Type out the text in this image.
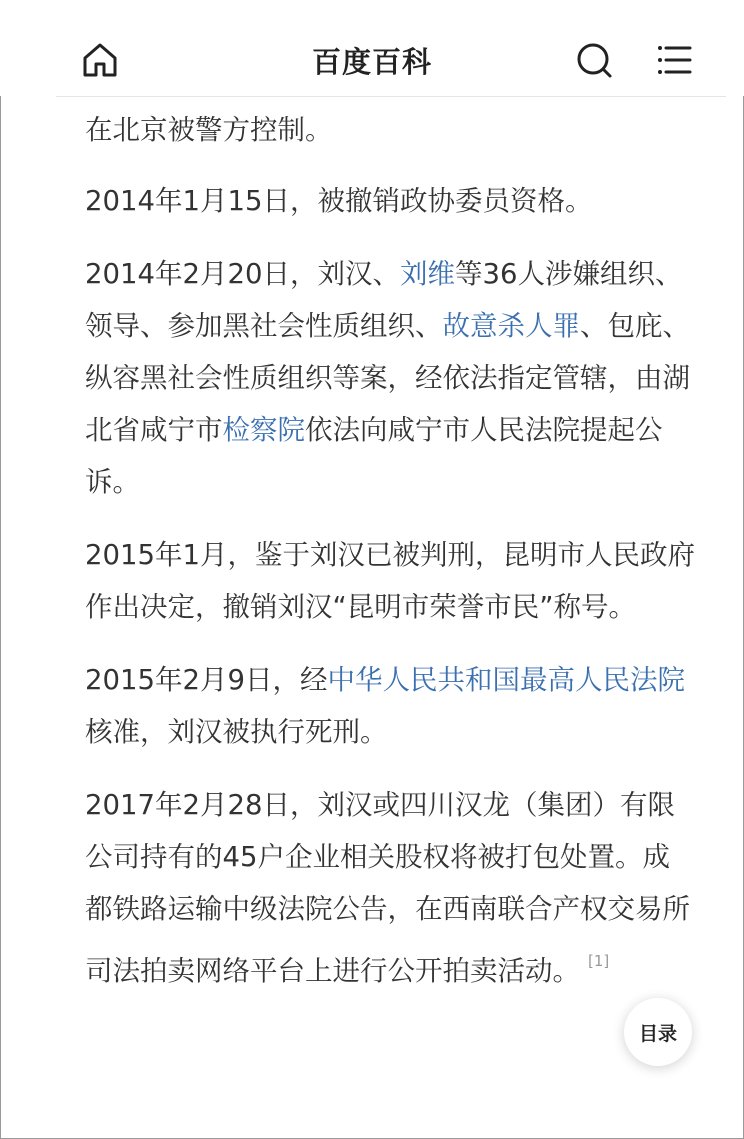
百度百科

在北京被警方控制。

2014年1月15日，被撤销政协委员资格。

2014年2月20日，刘汉、刘维等36人涉嫌组织、领导、参加黑社会性质组织、故意杀人罪、包庇、纵容黑社会性质组织等案，经依法指定管辖，由湖北省咸宁市检察院依法向咸宁市人民法院提起公诉。

2015年1月，鉴于刘汉已被判刑，昆明市人民政府作出决定，撤销刘汉“昆明市荣誉市民”称号。

2015年2月9日，经中华人民共和国最高人民法院核准，刘汉被执行死刑。

2017年2月28日，刘汉或四川汉龙（集团）有限公司持有的45户企业相关股权将被打包处置。成都铁路运输中级法院公告，在西南联合产权交易所司法拍卖网络平台上进行公开拍卖活动。 [1]

目录
